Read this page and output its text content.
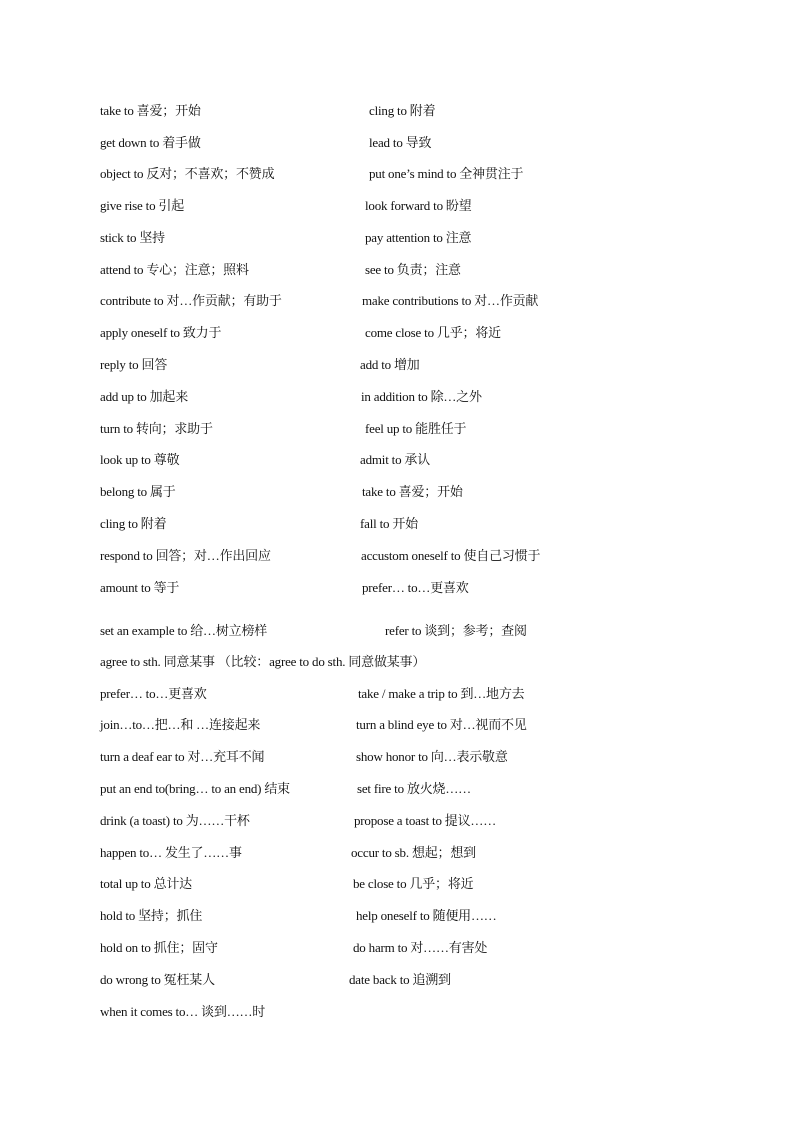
take to 喜爱；开始	cling to 附着
get down to 着手做	lead to 导致
object to 反对；不喜欢；不赞成	put one’s mind to 全神贯注于
give rise to 引起	look forward to 盼望
stick to 坚持	pay attention to 注意
attend to 专心；注意；照料	see to 负责；注意
contribute to 对…作贡献；有助于	make contributions to 对…作贡献
apply oneself to 致力于	come close to 几乎；将近
reply to 回答	add to 增加
add up to 加起来	in addition to 除…之外
turn to 转向；求助于	feel up to 能胜任于
look up to 尊敬	admit to 承认
belong to 属于	take to 喜爱；开始
cling to 附着	fall to 开始
respond to 回答；对…作出回应	accustom oneself to 使自己习惯于
amount to 等于	prefer… to…更喜欢
set an example to 给…树立榜样	refer to 谈到；参考；查阅
agree to sth. 同意某事 （比较：agree to do sth. 同意做某事）
prefer… to…更喜欢	take / make a trip to 到…地方去
join…to…把…和 …连接起来	turn a blind eye to 对…视而不见
turn a deaf ear to 对…充耳不闻	show honor to 向…表示敬意
put an end to(bring… to an end) 结束	set fire to 放火烧……
drink (a toast) to 为……干杯	propose a toast to 提议……
happen to… 发生了……事	occur to sb. 想起；想到
total up to 总计达	be close to 几乎；将近
hold to 坚持；抓住	help oneself to 随便用……
hold on to 抓住；固守	do harm to 对……有害处
do wrong to 冤枉某人	date back to 追溯到
when it comes to… 谈到……时
